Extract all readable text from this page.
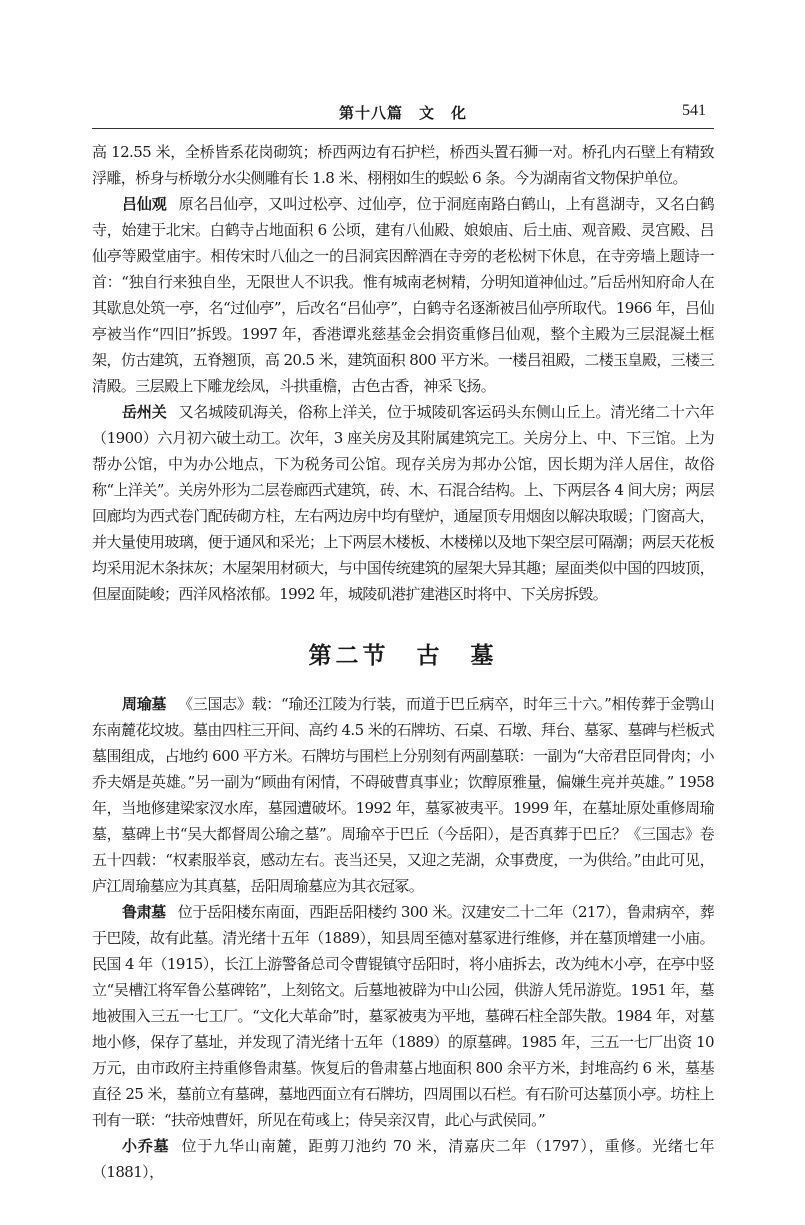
第十八篇　文　化	541

高 12.55 米，全桥皆系花岗砌筑；桥西两边有石护栏，桥西头置石狮一对。桥孔内石壁上有精致浮雕，桥身与桥墩分水尖侧雕有长 1.8 米、栩栩如生的蜈蚣 6 条。今为湖南省文物保护单位。

吕仙观 原名吕仙亭，又叫过松亭、过仙亭，位于洞庭南路白鹤山，上有邕湖寺，又名白鹤寺，始建于北宋。白鹤寺占地面积 6 公顷，建有八仙殿、娘娘庙、后土庙、观音殿、灵宫殿、吕仙亭等殿堂庙宇。相传宋时八仙之一的吕洞宾因醉酒在寺旁的老松树下休息，在寺旁墙上题诗一首：“独自行来独自坐，无限世人不识我。惟有城南老树精，分明知道神仙过。”后岳州知府命人在其歇息处筑一亭，名“过仙亭”，后改名“吕仙亭”，白鹤寺名逐渐被吕仙亭所取代。1966 年，吕仙亭被当作“四旧”拆毁。1997 年，香港谭兆慈基金会捐资重修吕仙观，整个主殿为三层混凝土框架，仿古建筑，五脊翘顶，高 20.5 米，建筑面积 800 平方米。一楼吕祖殿，二楼玉皇殿，三楼三清殿。三层殿上下雕龙绘凤，斗拱重檐，古色古香，神采飞扬。

岳州关 又名城陵矶海关，俗称上洋关，位于城陵矶客运码头东侧山丘上。清光绪二十六年（1900）六月初六破土动工。次年，3 座关房及其附属建筑完工。关房分上、中、下三馆。上为帮办公馆，中为办公地点，下为税务司公馆。现存关房为邦办公馆，因长期为洋人居住，故俗称“上洋关”。关房外形为二层卷廊西式建筑，砖、木、石混合结构。上、下两层各 4 间大房；两层回廊均为西式卷门配砖砌方柱，左右两边房中均有壁炉，通屋顶专用烟囱以解决取暖；门窗高大，并大量使用玻璃，便于通风和采光；上下两层木楼板、木楼梯以及地下架空层可隔潮；两层天花板均采用泥木条抹灰；木屋架用材硕大，与中国传统建筑的屋架大异其趣；屋面类似中国的四坡顶，但屋面陡峻；西洋风格浓郁。1992 年，城陵矶港扩建港区时将中、下关房拆毁。

第二节　古　墓

周瑜墓 《三国志》载：“瑜还江陵为行装，而道于巴丘病卒，时年三十六。”相传葬于金鹗山东南麓花坟坡。墓由四柱三开间、高约 4.5 米的石牌坊、石桌、石墩、拜台、墓冢、墓碑与栏板式墓围组成，占地约 600 平方米。石牌坊与围栏上分别刻有两副墓联：一副为“大帝君臣同骨肉；小乔夫婿是英雄。”另一副为“顾曲有闲情，不碍破曹真事业；饮醇原雅量，偏嫌生亮并英雄。” 1958 年，当地修建梁家汊水库，墓园遭破坏。1992 年，墓冢被夷平。1999 年，在墓址原处重修周瑜墓，墓碑上书“吴大都督周公瑜之墓”。周瑜卒于巴丘（今岳阳），是否真葬于巴丘？《三国志》卷五十四载：“权素服举哀，感动左右。丧当还吴，又迎之芜湖，众事费度，一为供给。”由此可见，庐江周瑜墓应为其真墓，岳阳周瑜墓应为其衣冠冢。

鲁肃墓 位于岳阳楼东南面，西距岳阳楼约 300 米。汉建安二十二年（217），鲁肃病卒，葬于巴陵，故有此墓。清光绪十五年（1889），知县周至德对墓冢进行维修，并在墓顶增建一小庙。民国 4 年（1915），长江上游警备总司令曹锟镇守岳阳时，将小庙拆去，改为纯木小亭，在亭中竖立“吴槽江将军鲁公墓碑铭”，上刻铭文。后墓地被辟为中山公园，供游人凭吊游览。1951 年，墓地被围入三五一七工厂。“文化大革命”时，墓冢被夷为平地，墓碑石柱全部失散。1984 年，对墓地小修，保存了墓址，并发现了清光绪十五年（1889）的原墓碑。1985 年，三五一七厂出资 10 万元，由市政府主持重修鲁肃墓。恢复后的鲁肃墓占地面积 800 余平方米，封堆高约 6 米，墓基直径 25 米，墓前立有墓碑，墓地西面立有石牌坊，四周围以石栏。有石阶可达墓顶小亭。坊柱上刊有一联：“扶帝烛曹奸，所见在荀彧上；侍吴亲汉胄，此心与武侯同。”

小乔墓 位于九华山南麓，距剪刀池约 70 米，清嘉庆二年（1797），重修。光绪七年（1881），
